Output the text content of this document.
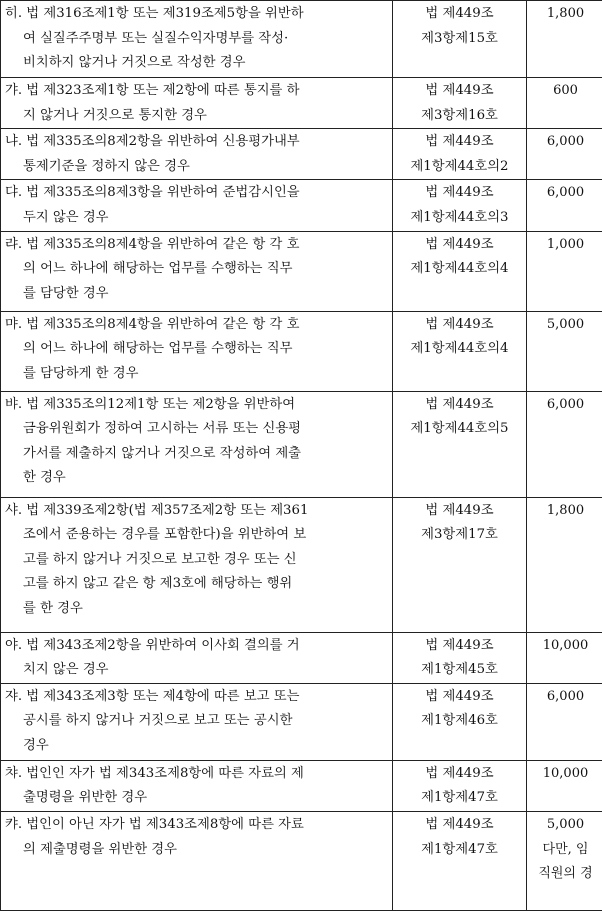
히. 법 제316조제1항 또는 제319조제5항을 위반하
여 실질주주명부 또는 실질수익자명부를 작성·
비치하지 않거나 거짓으로 작성한 경우	법 제449조
제3항제15호	1,800

갸. 법 제323조제1항 또는 제2항에 따른 통지를 하
지 않거나 거짓으로 통지한 경우	법 제449조
제3항제16호	600

냐. 법 제335조의8제2항을 위반하여 신용평가내부
통제기준을 정하지 않은 경우	법 제449조
제1항제44호의2	6,000

댜. 법 제335조의8제3항을 위반하여 준법감시인을
두지 않은 경우	법 제449조
제1항제44호의3	6,000

랴. 법 제335조의8제4항을 위반하여 같은 항 각 호
의 어느 하나에 해당하는 업무를 수행하는 직무
를 담당한 경우	법 제449조
제1항제44호의4	1,000

먀. 법 제335조의8제4항을 위반하여 같은 항 각 호
의 어느 하나에 해당하는 업무를 수행하는 직무
를 담당하게 한 경우	법 제449조
제1항제44호의4	5,000

뱌. 법 제335조의12제1항 또는 제2항을 위반하여
금융위원회가 정하여 고시하는 서류 또는 신용평
가서를 제출하지 않거나 거짓으로 작성하여 제출
한 경우	법 제449조
제1항제44호의5	6,000

샤. 법 제339조제2항(법 제357조제2항 또는 제361
조에서 준용하는 경우를 포함한다)을 위반하여 보
고를 하지 않거나 거짓으로 보고한 경우 또는 신
고를 하지 않고 같은 항 제3호에 해당하는 행위
를 한 경우	법 제449조
제3항제17호	1,800

야. 법 제343조제2항을 위반하여 이사회 결의를 거
치지 않은 경우	법 제449조
제1항제45호	10,000

쟈. 법 제343조제3항 또는 제4항에 따른 보고 또는
공시를 하지 않거나 거짓으로 보고 또는 공시한
경우	법 제449조
제1항제46호	6,000

챠. 법인인 자가 법 제343조제8항에 따른 자료의 제
출명령을 위반한 경우	법 제449조
제1항제47호	10,000

캬. 법인이 아닌 자가 법 제343조제8항에 따른 자료
의 제출명령을 위반한 경우	법 제449조
제1항제47호	5,000
다만, 임
직원의 경
